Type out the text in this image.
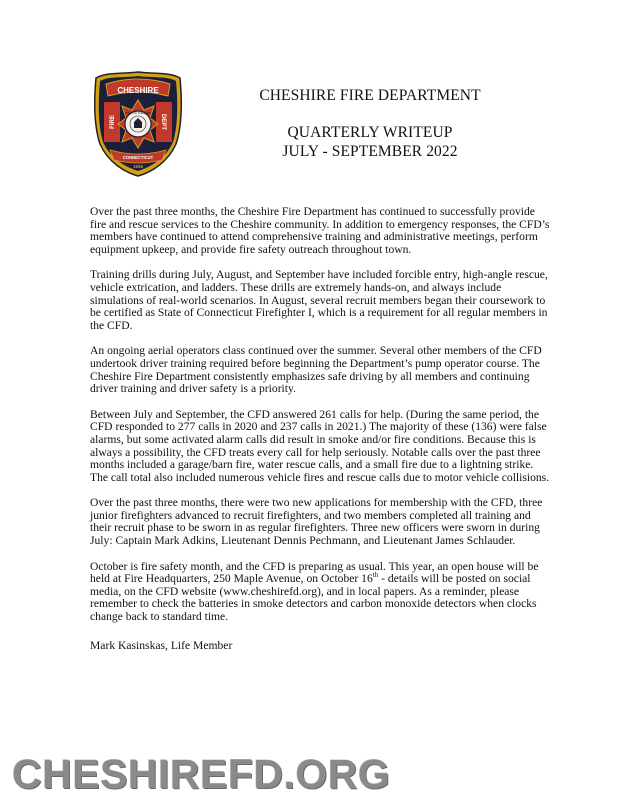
CHESHIRE
FIRE	DEPT
TOWN OF CHESHIRE
CONNECTICUT
1936
CHESHIRE FIRE DEPARTMENT
QUARTERLY WRITEUP
JULY - SEPTEMBER 2022

Over the past three months, the Cheshire Fire Department has continued to successfully provide fire and rescue services to the Cheshire community. In addition to emergency responses, the CFD’s members have continued to attend comprehensive training and administrative meetings, perform equipment upkeep, and provide fire safety outreach throughout town.

Training drills during July, August, and September have included forcible entry, high-angle rescue, vehicle extrication, and ladders. These drills are extremely hands-on, and always include simulations of real-world scenarios. In August, several recruit members began their coursework to be certified as State of Connecticut Firefighter I, which is a requirement for all regular members in the CFD.

An ongoing aerial operators class continued over the summer. Several other members of the CFD undertook driver training required before beginning the Department’s pump operator course. The Cheshire Fire Department consistently emphasizes safe driving by all members and continuing driver training and driver safety is a priority.

Between July and September, the CFD answered 261 calls for help. (During the same period, the CFD responded to 277 calls in 2020 and 237 calls in 2021.) The majority of these (136) were false alarms, but some activated alarm calls did result in smoke and/or fire conditions. Because this is always a possibility, the CFD treats every call for help seriously. Notable calls over the past three months included a garage/barn fire, water rescue calls, and a small fire due to a lightning strike. The call total also included numerous vehicle fires and rescue calls due to motor vehicle collisions.

Over the past three months, there were two new applications for membership with the CFD, three junior firefighters advanced to recruit firefighters, and two members completed all training and their recruit phase to be sworn in as regular firefighters. Three new officers were sworn in during July: Captain Mark Adkins, Lieutenant Dennis Pechmann, and Lieutenant James Schlauder.

October is fire safety month, and the CFD is preparing as usual. This year, an open house will be held at Fire Headquarters, 250 Maple Avenue, on October 16th - details will be posted on social media, on the CFD website (www.cheshirefd.org), and in local papers. As a reminder, please remember to check the batteries in smoke detectors and carbon monoxide detectors when clocks change back to standard time.

Mark Kasinskas, Life Member

CHESHIREFD.ORG
